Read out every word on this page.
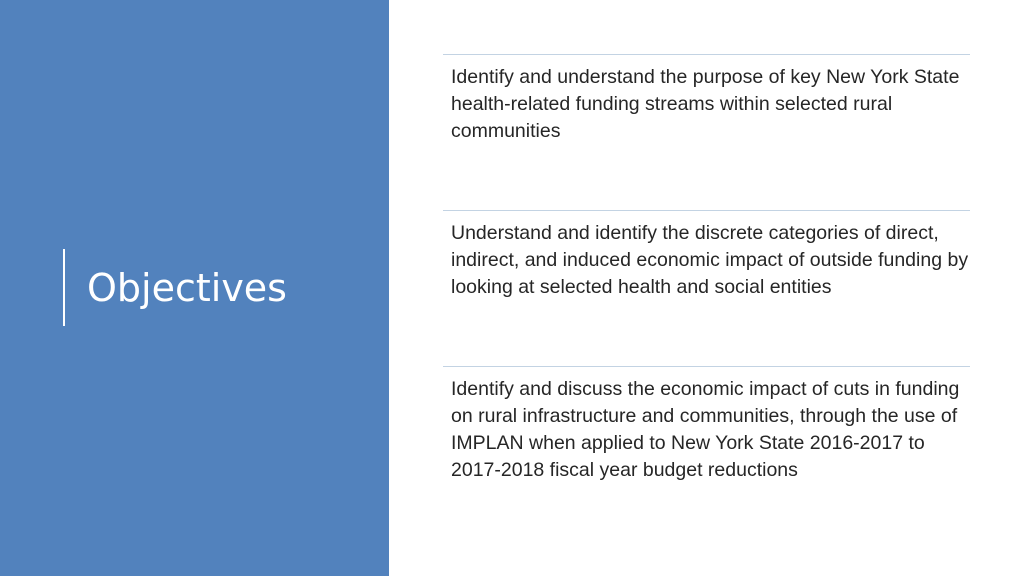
Objectives
Identify and understand the purpose of key New York State health-related funding streams within selected rural communities
Understand and identify the discrete categories of direct, indirect, and induced economic impact of outside funding by looking at selected health and social entities
Identify and discuss the economic impact of cuts in funding on rural infrastructure and communities, through the use of IMPLAN when applied to New York State 2016-2017 to 2017-2018 fiscal year budget reductions
